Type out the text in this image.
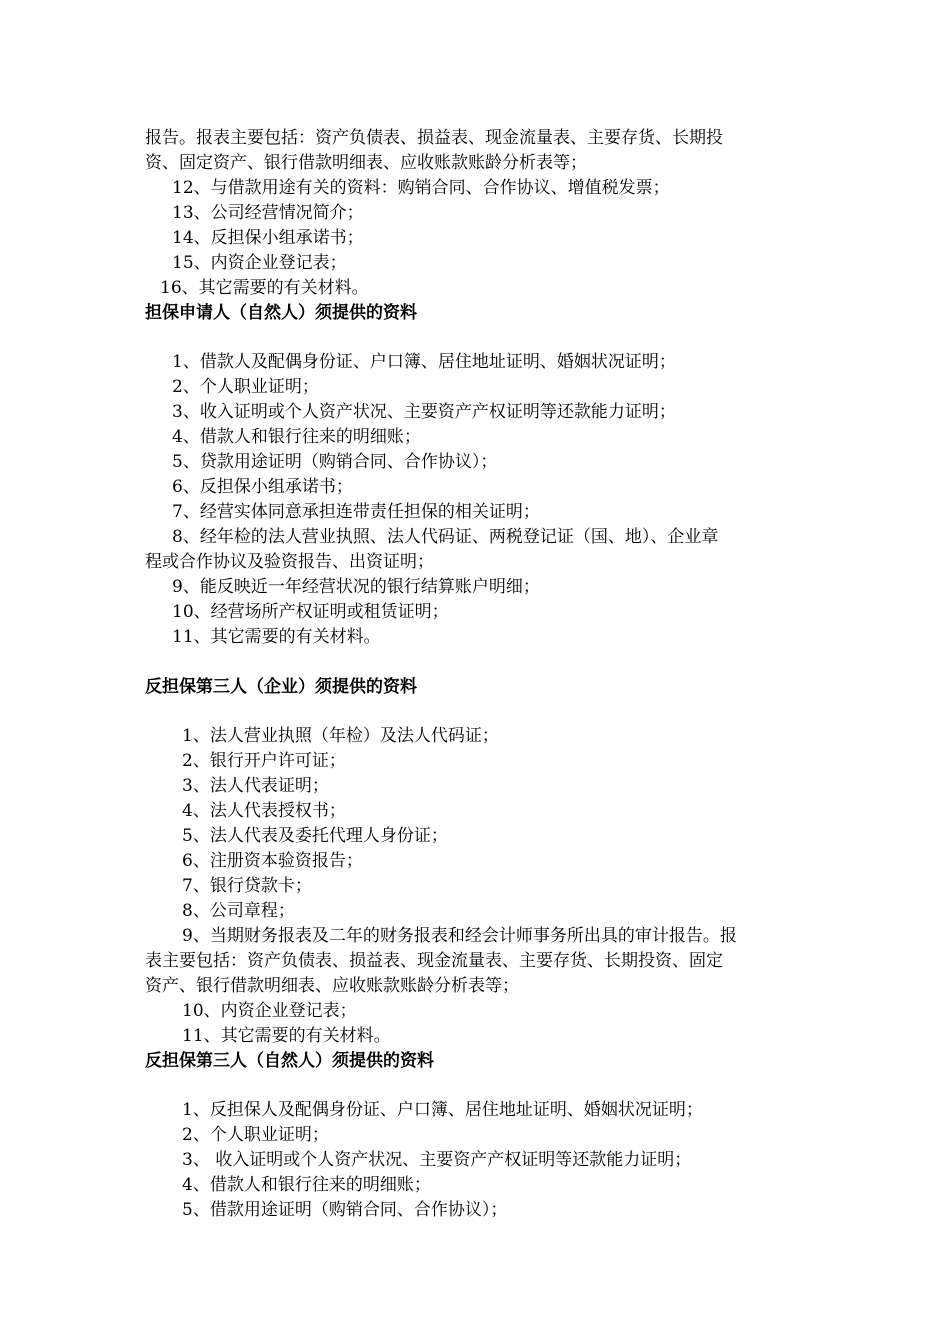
报告。报表主要包括：资产负债表、损益表、现金流量表、主要存货、长期投
资、固定资产、银行借款明细表、应收账款账龄分析表等；
12、与借款用途有关的资料：购销合同、合作协议、增值税发票；
13、公司经营情况简介；
14、反担保小组承诺书；
15、内资企业登记表；
16、其它需要的有关材料。
担保申请人（自然人）须提供的资料
1、借款人及配偶身份证、户口簿、居住地址证明、婚姻状况证明；
2、个人职业证明；
3、收入证明或个人资产状况、主要资产产权证明等还款能力证明；
4、借款人和银行往来的明细账；
5、贷款用途证明（购销合同、合作协议）；
6、反担保小组承诺书；
7、经营实体同意承担连带责任担保的相关证明；
8、经年检的法人营业执照、法人代码证、两税登记证（国、地）、企业章
程或合作协议及验资报告、出资证明；
9、能反映近一年经营状况的银行结算账户明细；
10、经营场所产权证明或租赁证明；
11、其它需要的有关材料。
反担保第三人（企业）须提供的资料
1、法人营业执照（年检）及法人代码证；
2、银行开户许可证；
3、法人代表证明；
4、法人代表授权书；
5、法人代表及委托代理人身份证；
6、注册资本验资报告；
7、银行贷款卡；
8、公司章程；
9、当期财务报表及二年的财务报表和经会计师事务所出具的审计报告。报
表主要包括：资产负债表、损益表、现金流量表、主要存货、长期投资、固定
资产、银行借款明细表、应收账款账龄分析表等；
10、内资企业登记表；
11、其它需要的有关材料。
反担保第三人（自然人）须提供的资料
1、反担保人及配偶身份证、户口簿、居住地址证明、婚姻状况证明；
2、个人职业证明；
3、 收入证明或个人资产状况、主要资产产权证明等还款能力证明；
4、借款人和银行往来的明细账；
5、借款用途证明（购销合同、合作协议）；
